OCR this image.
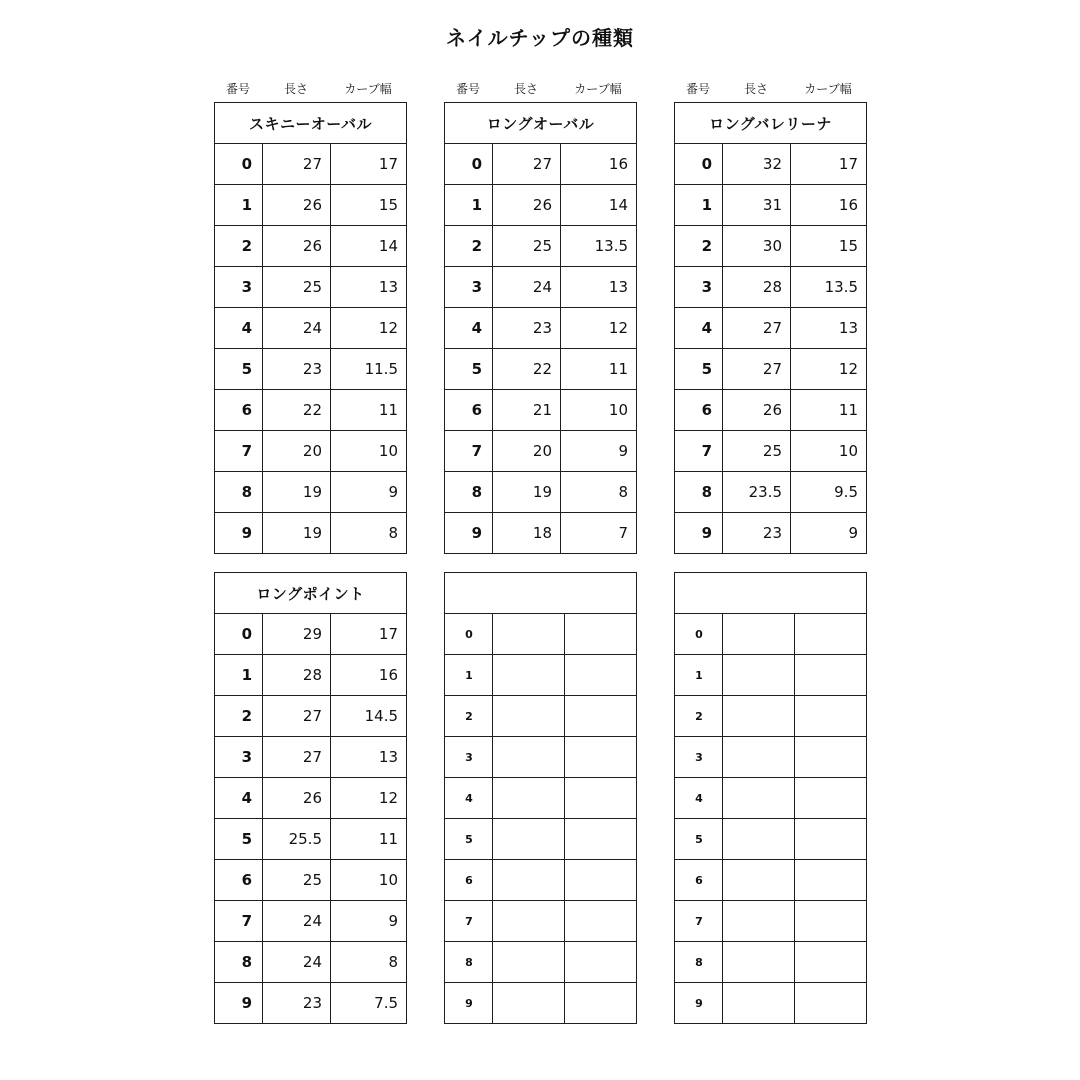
ネイルチップの種類
番号	長さ	カーブ幅
スキニーオーバル		
0	27	17
1	26	15
2	26	14
3	25	13
4	24	12
5	23	11.5
6	22	11
7	20	10
8	19	9
9	19	8
番号	長さ	カーブ幅
ロングオーバル		
0	27	16
1	26	14
2	25	13.5
3	24	13
4	23	12
5	22	11
6	21	10
7	20	9
8	19	8
9	18	7
番号	長さ	カーブ幅
ロングバレリーナ		
0	32	17
1	31	16
2	30	15
3	28	13.5
4	27	13
5	27	12
6	26	11
7	25	10
8	23.5	9.5
9	23	9
ロングポイント		
0	29	17
1	28	16
2	27	14.5
3	27	13
4	26	12
5	25.5	11
6	25	10
7	24	9
8	24	8
9	23	7.5

0		
1		
2		
3		
4		
5		
6		
7		
8		
9		

0		
1		
2		
3		
4		
5		
6		
7		
8		
9		
